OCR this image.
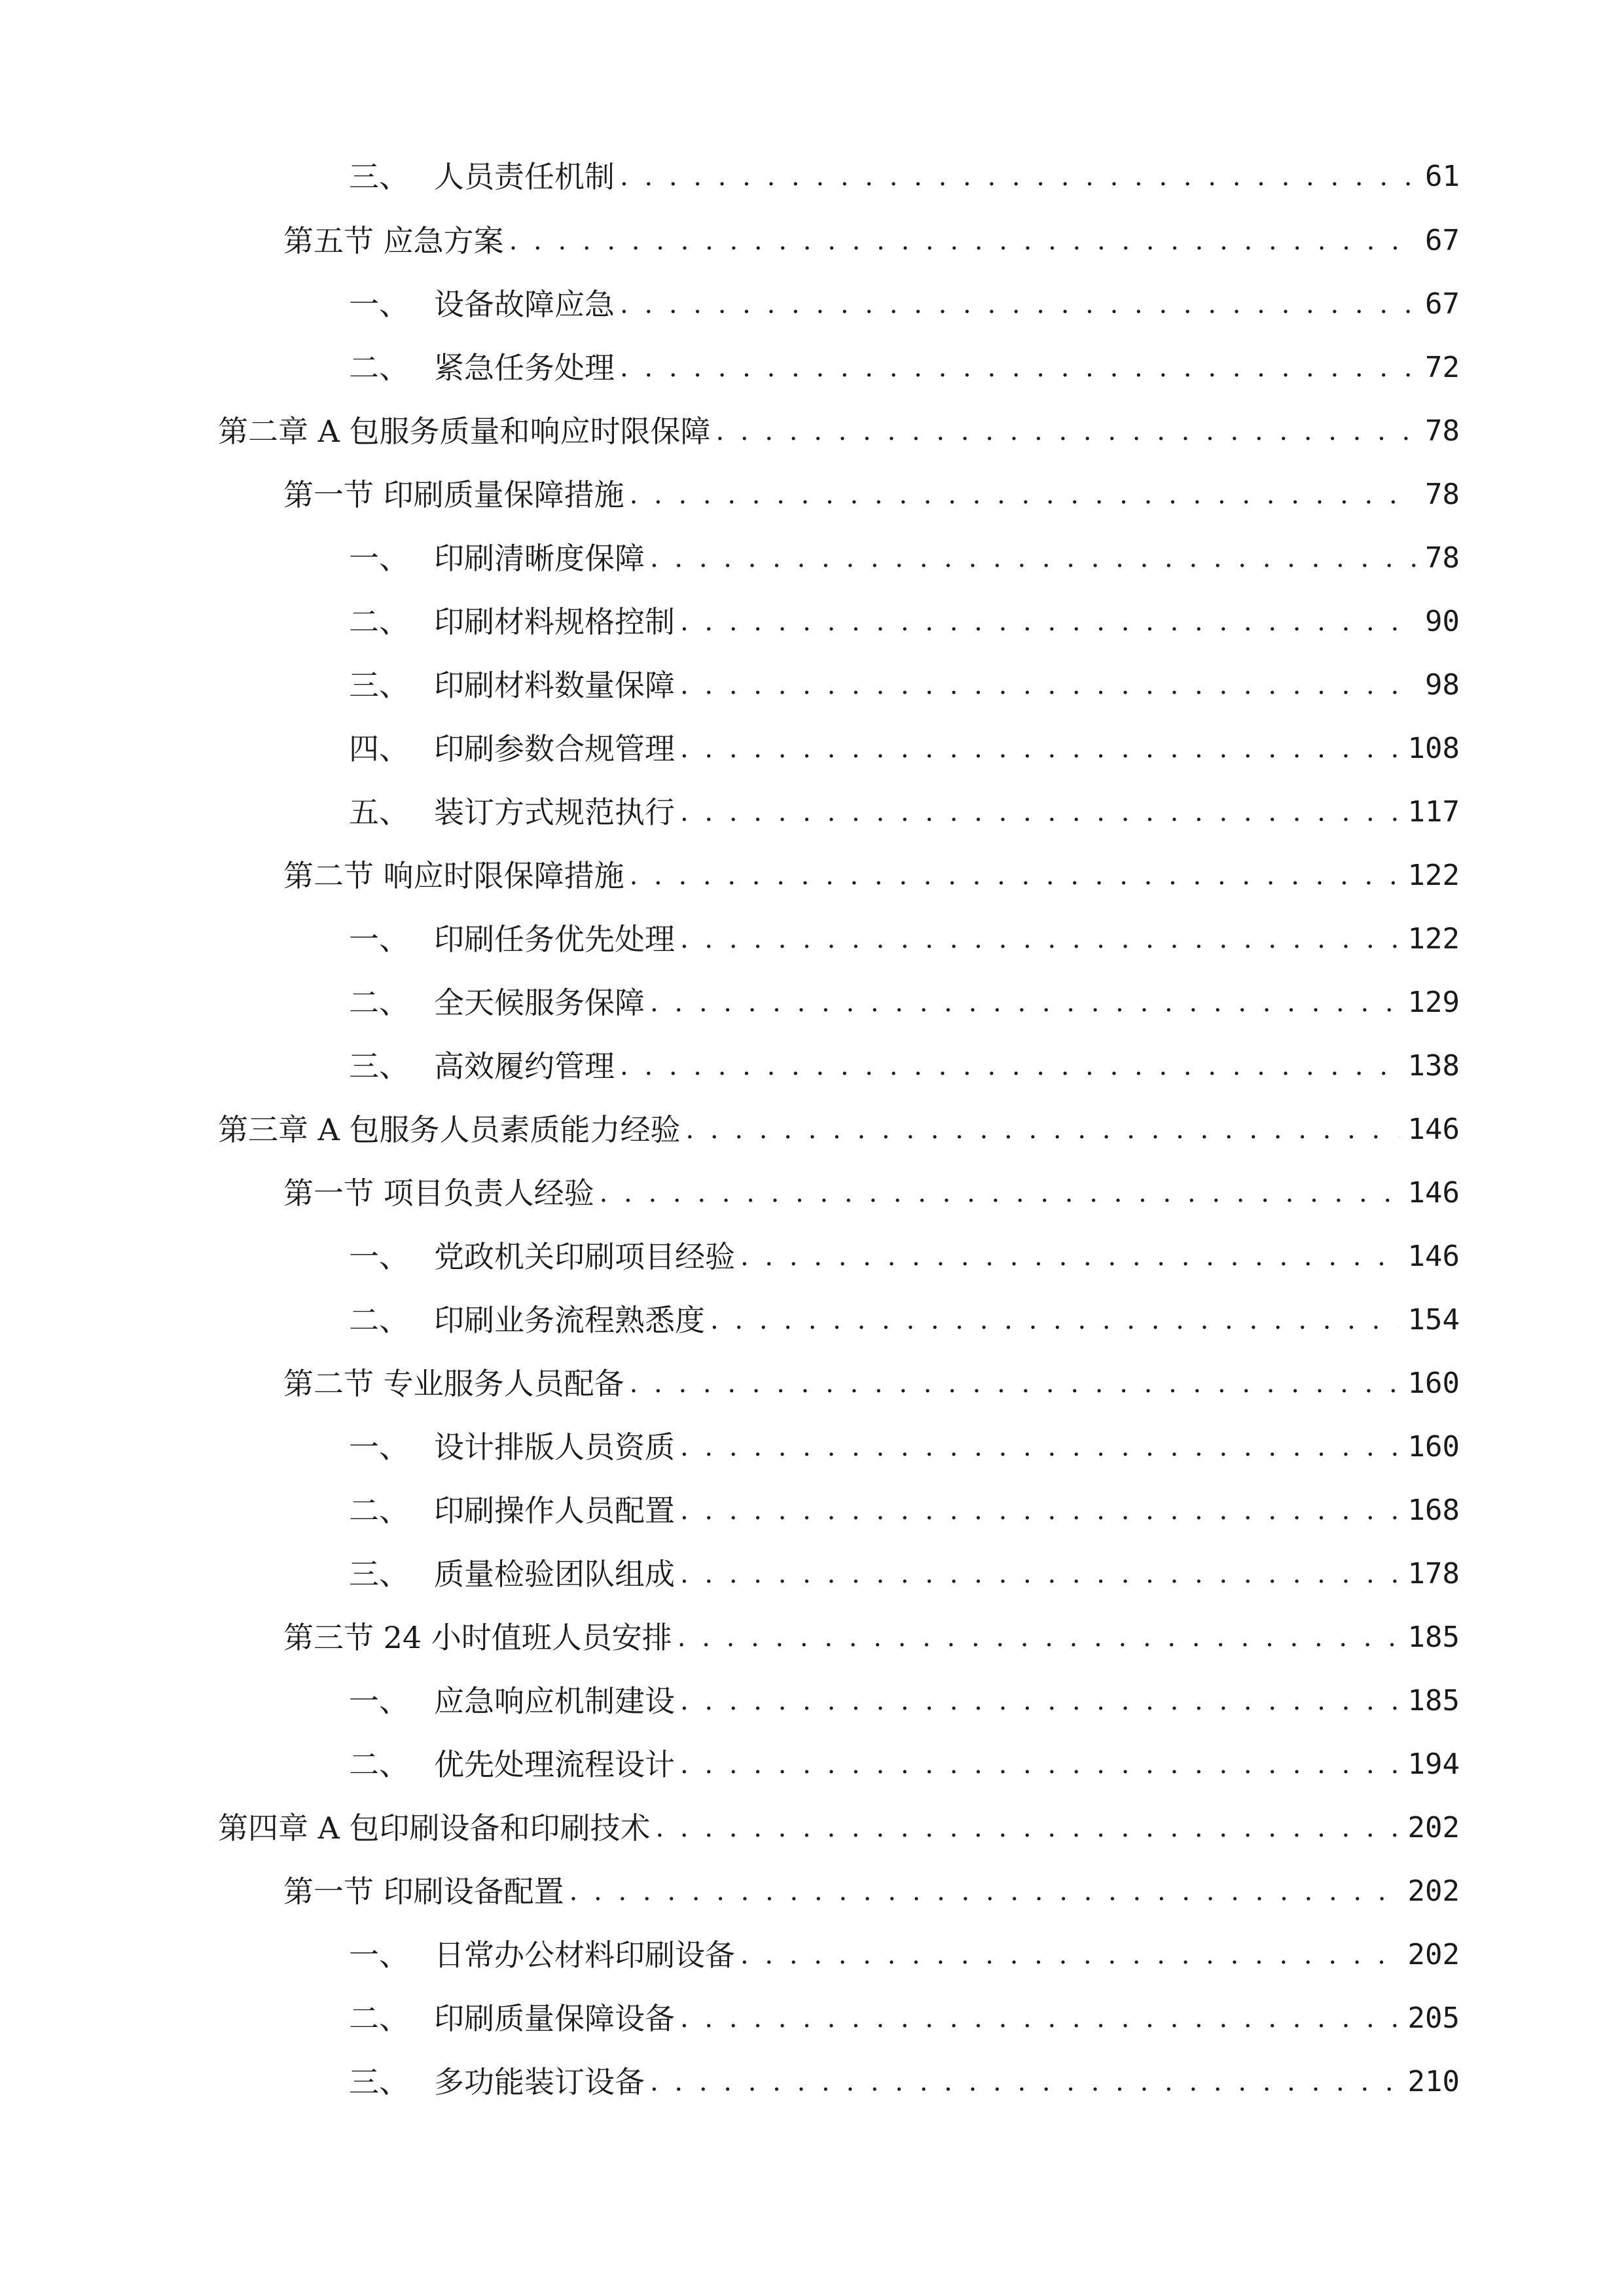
三、 人员责任机制 . . .	61
第五节 应急方案 . . .	67
一、 设备故障应急 . . .	67
二、 紧急任务处理 . . .	72
第二章 A 包服务质量和响应时限保障 . . .	78
第一节 印刷质量保障措施 . . .	78
一、 印刷清晰度保障 . . .	78
二、 印刷材料规格控制 . . .	90
三、 印刷材料数量保障 . . .	98
四、 印刷参数合规管理 . . .	108
五、 装订方式规范执行 . . .	117
第二节 响应时限保障措施 . . .	122
一、 印刷任务优先处理 . . .	122
二、 全天候服务保障 . . .	129
三、 高效履约管理 . . .	138
第三章 A 包服务人员素质能力经验 . . .	146
第一节 项目负责人经验 . . .	146
一、 党政机关印刷项目经验 . . .	146
二、 印刷业务流程熟悉度 . . .	154
第二节 专业服务人员配备 . . .	160
一、 设计排版人员资质 . . .	160
二、 印刷操作人员配置 . . .	168
三、 质量检验团队组成 . . .	178
第三节 24 小时值班人员安排 . . .	185
一、 应急响应机制建设 . . .	185
二、 优先处理流程设计 . . .	194
第四章 A 包印刷设备和印刷技术 . . .	202
第一节 印刷设备配置 . . .	202
一、 日常办公材料印刷设备 . . .	202
二、 印刷质量保障设备 . . .	205
三、 多功能装订设备 . . .	210
